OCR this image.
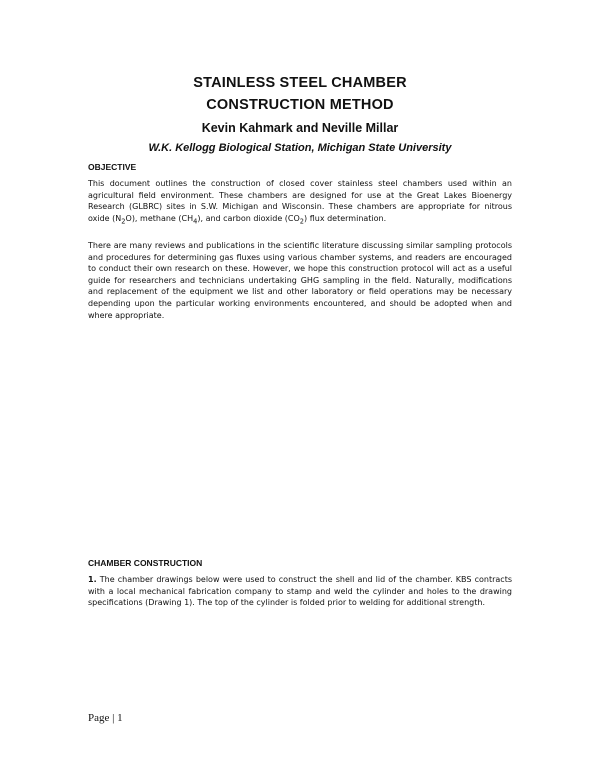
STAINLESS STEEL CHAMBER
CONSTRUCTION METHOD
Kevin Kahmark and Neville Millar
W.K. Kellogg Biological Station, Michigan State University
OBJECTIVE

This document outlines the construction of closed cover stainless steel chambers used within an agricultural field environment. These chambers are designed for use at the Great Lakes Bioenergy Research (GLBRC) sites in S.W. Michigan and Wisconsin. These chambers are appropriate for nitrous oxide $(N_2O)$, methane $(CH_4)$, and carbon dioxide $(CO_2)$ flux determination.

There are many reviews and publications in the scientific literature discussing similar sampling protocols and procedures for determining gas fluxes using various chamber systems, and readers are encouraged to conduct their own research on these. However, we hope this construction protocol will act as a useful guide for researchers and technicians undertaking GHG sampling in the field. Naturally, modifications and replacement of the equipment we list and other laboratory or field operations may be necessary depending upon the particular working environments encountered, and should be adopted when and where appropriate.

CHAMBER CONSTRUCTION

1. The chamber drawings below were used to construct the shell and lid of the chamber. KBS contracts with a local mechanical fabrication company to stamp and weld the cylinder and holes to the drawing specifications (Drawing 1). The top of the cylinder is folded prior to welding for additional strength.

Page | 1
